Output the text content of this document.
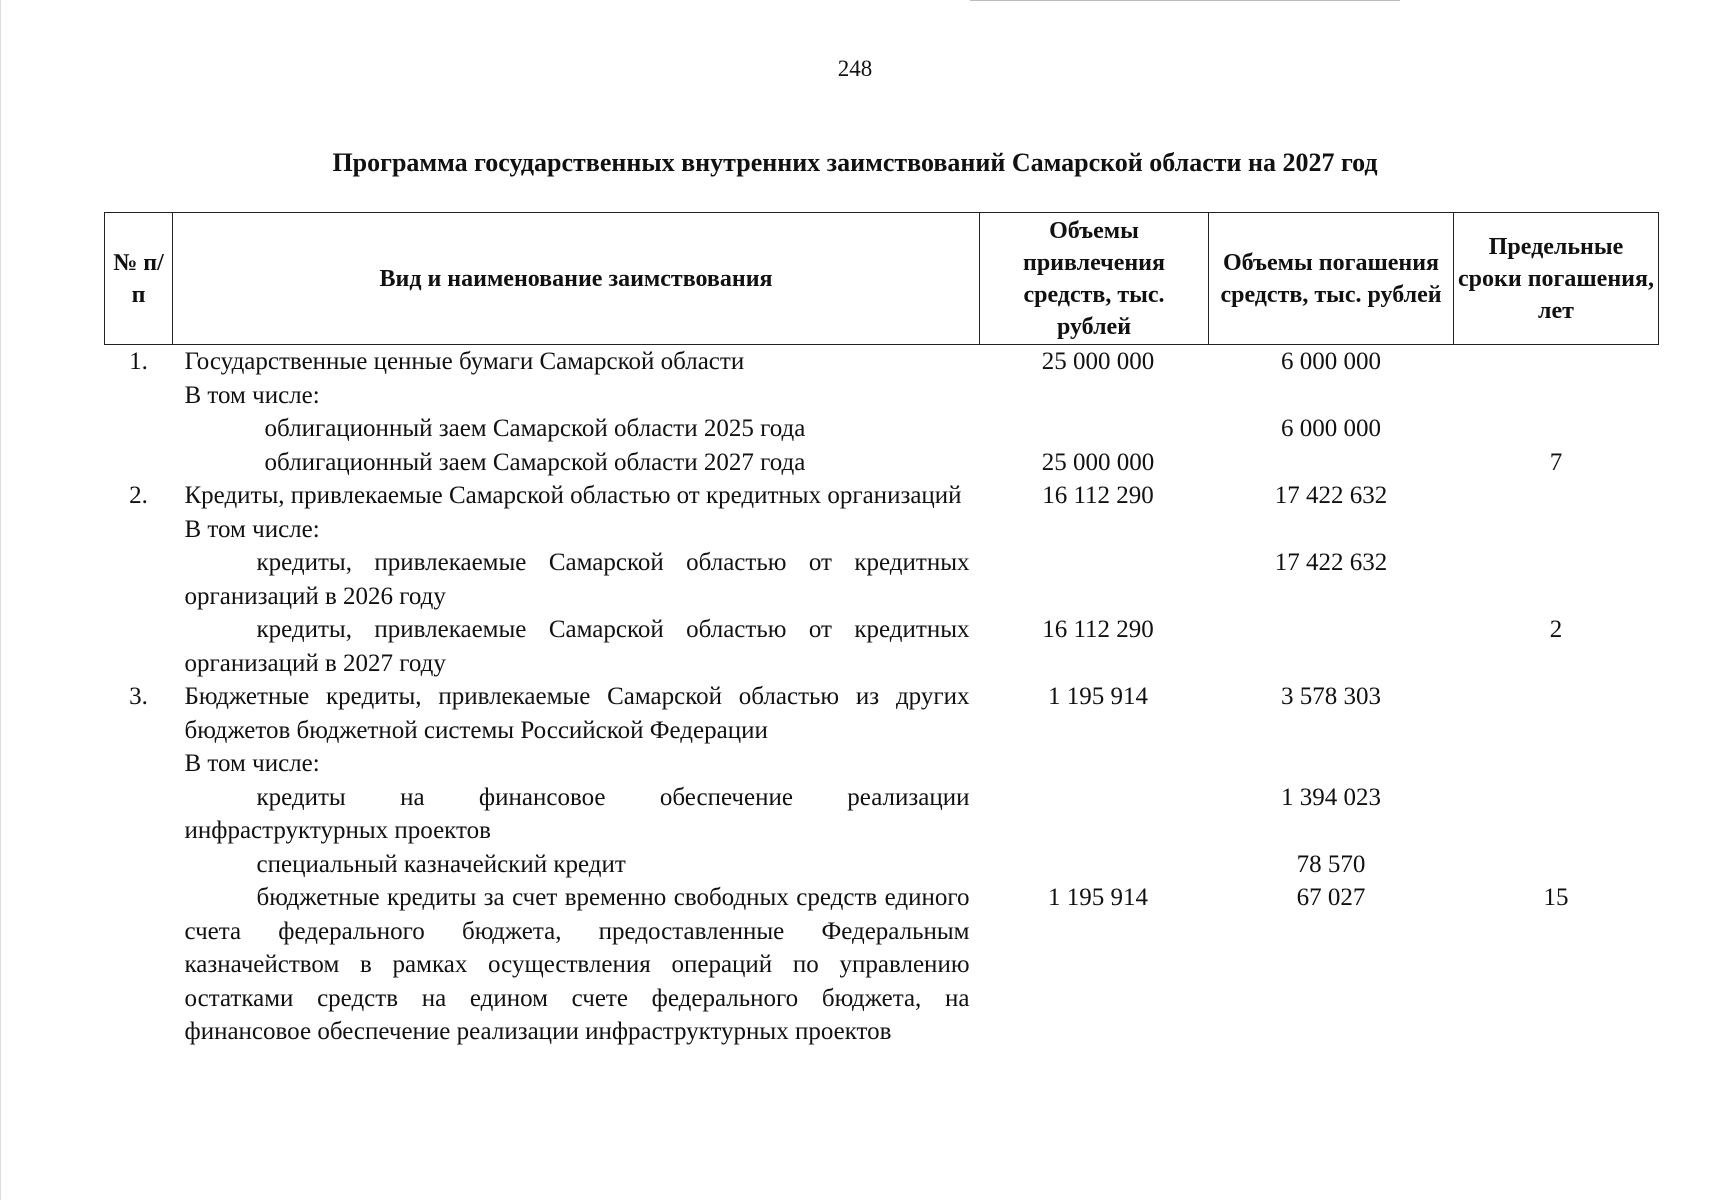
248
Программа государственных внутренних заимствований Самарской области на 2027 год
№ п/п	Вид и наименование заимствования	Объемы привлечения средств, тыс. рублей	Объемы погашения средств, тыс. рублей	Предельные сроки погашения, лет
1.	Государственные ценные бумаги Самарской области	25 000 000	6 000 000	
	В том числе:			
	облигационный заем Самарской области 2025 года		6 000 000	
	облигационный заем Самарской области 2027 года	25 000 000		7
2.	Кредиты, привлекаемые Самарской областью от кредитных организаций	16 112 290	17 422 632	
	В том числе:			
	кредиты, привлекаемые Самарской областью от кредитных организаций в 2026 году		17 422 632	
	кредиты, привлекаемые Самарской областью от кредитных организаций в 2027 году	16 112 290		2
3.	Бюджетные кредиты, привлекаемые Самарской областью из других бюджетов бюджетной системы Российской Федерации	1 195 914	3 578 303	
	В том числе:			
	кредиты на финансовое обеспечение реализации инфраструктурных проектов		1 394 023	
	специальный казначейский кредит		78 570	
	бюджетные кредиты за счет временно свободных средств единого счета федерального бюджета, предоставленные Федеральным казначейством в рамках осуществления операций по управлению остатками средств на едином счете федерального бюджета, на финансовое обеспечение реализации инфраструктурных проектов	1 195 914	67 027	15
